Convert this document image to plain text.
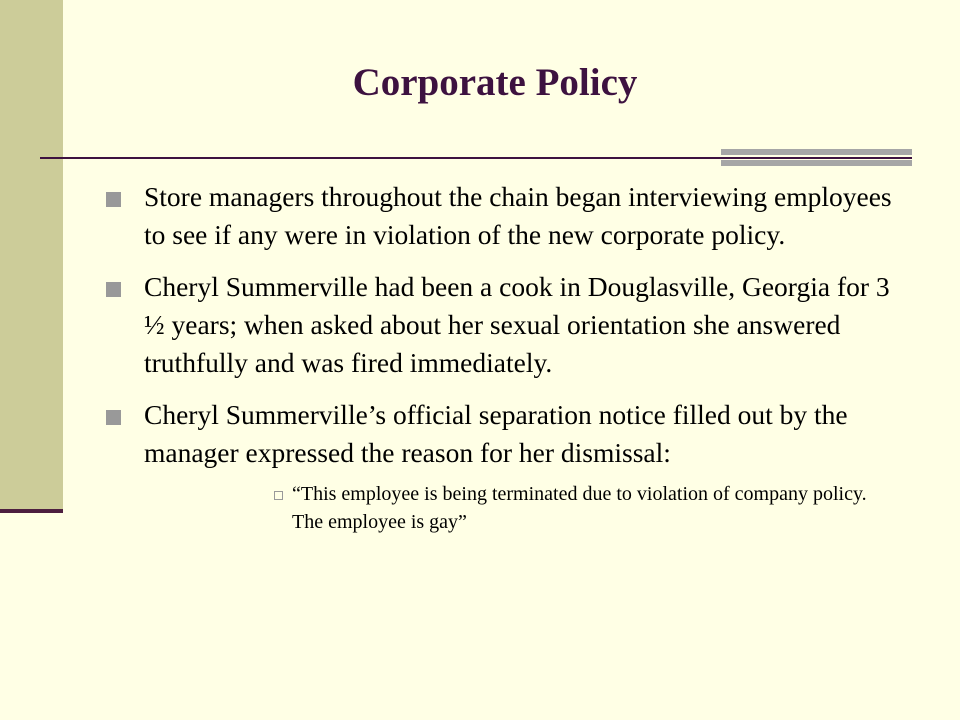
Corporate Policy
Store managers throughout the chain began interviewing employees to see if any were in violation of the new corporate policy.
Cheryl Summerville had been a cook in Douglasville, Georgia for 3 ½ years; when asked about her sexual orientation she answered truthfully and was fired immediately.
Cheryl Summerville’s official separation notice filled out by the manager expressed the reason for her dismissal:
“This employee is being terminated due to violation of company policy. The employee is gay”
